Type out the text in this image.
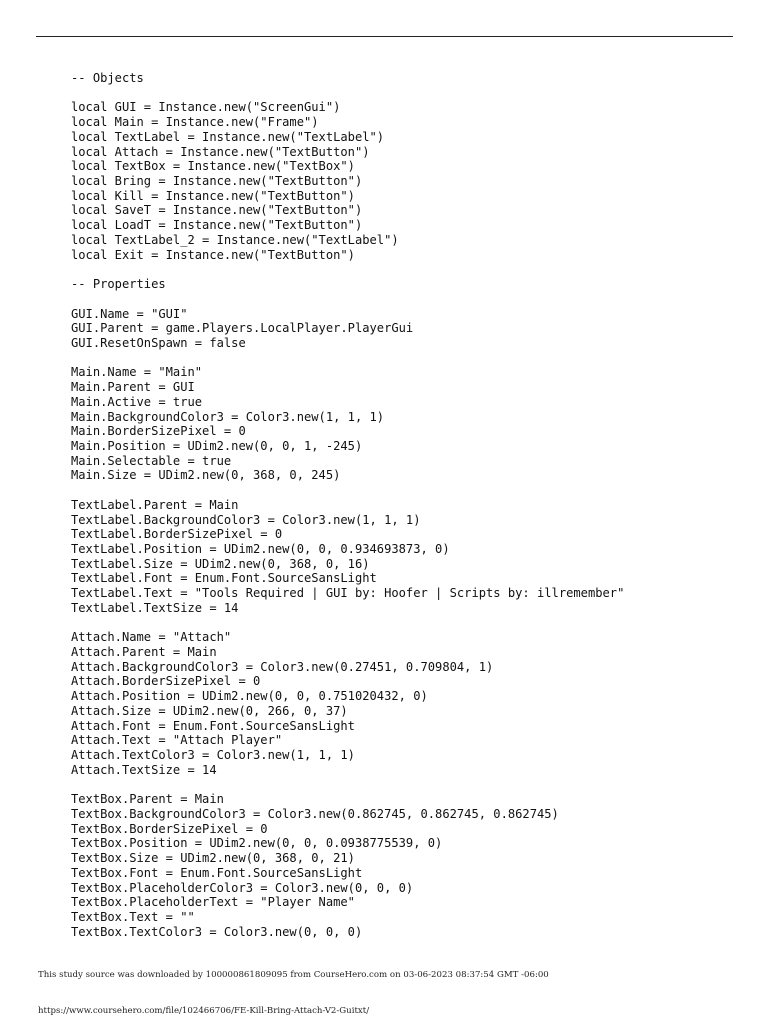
-- Objects
local GUI = Instance.new("ScreenGui")
local Main = Instance.new("Frame")
local TextLabel = Instance.new("TextLabel")
local Attach = Instance.new("TextButton")
local TextBox = Instance.new("TextBox")
local Bring = Instance.new("TextButton")
local Kill = Instance.new("TextButton")
local SaveT = Instance.new("TextButton")
local LoadT = Instance.new("TextButton")
local TextLabel_2 = Instance.new("TextLabel")
local Exit = Instance.new("TextButton")
-- Properties
GUI.Name = "GUI"
GUI.Parent = game.Players.LocalPlayer.PlayerGui
GUI.ResetOnSpawn = false
Main.Name = "Main"
Main.Parent = GUI
Main.Active = true
Main.BackgroundColor3 = Color3.new(1, 1, 1)
Main.BorderSizePixel = 0
Main.Position = UDim2.new(0, 0, 1, -245)
Main.Selectable = true
Main.Size = UDim2.new(0, 368, 0, 245)
TextLabel.Parent = Main
TextLabel.BackgroundColor3 = Color3.new(1, 1, 1)
TextLabel.BorderSizePixel = 0
TextLabel.Position = UDim2.new(0, 0, 0.934693873, 0)
TextLabel.Size = UDim2.new(0, 368, 0, 16)
TextLabel.Font = Enum.Font.SourceSansLight
TextLabel.Text = "Tools Required | GUI by: Hoofer | Scripts by: illremember"
TextLabel.TextSize = 14
Attach.Name = "Attach"
Attach.Parent = Main
Attach.BackgroundColor3 = Color3.new(0.27451, 0.709804, 1)
Attach.BorderSizePixel = 0
Attach.Position = UDim2.new(0, 0, 0.751020432, 0)
Attach.Size = UDim2.new(0, 266, 0, 37)
Attach.Font = Enum.Font.SourceSansLight
Attach.Text = "Attach Player"
Attach.TextColor3 = Color3.new(1, 1, 1)
Attach.TextSize = 14
TextBox.Parent = Main
TextBox.BackgroundColor3 = Color3.new(0.862745, 0.862745, 0.862745)
TextBox.BorderSizePixel = 0
TextBox.Position = UDim2.new(0, 0, 0.0938775539, 0)
TextBox.Size = UDim2.new(0, 368, 0, 21)
TextBox.Font = Enum.Font.SourceSansLight
TextBox.PlaceholderColor3 = Color3.new(0, 0, 0)
TextBox.PlaceholderText = "Player Name"
TextBox.Text = ""
TextBox.TextColor3 = Color3.new(0, 0, 0)
This study source was downloaded by 100000861809095 from CourseHero.com on 03-06-2023 08:37:54 GMT -06:00
https://www.coursehero.com/file/102466706/FE-Kill-Bring-Attach-V2-Guitxt/
